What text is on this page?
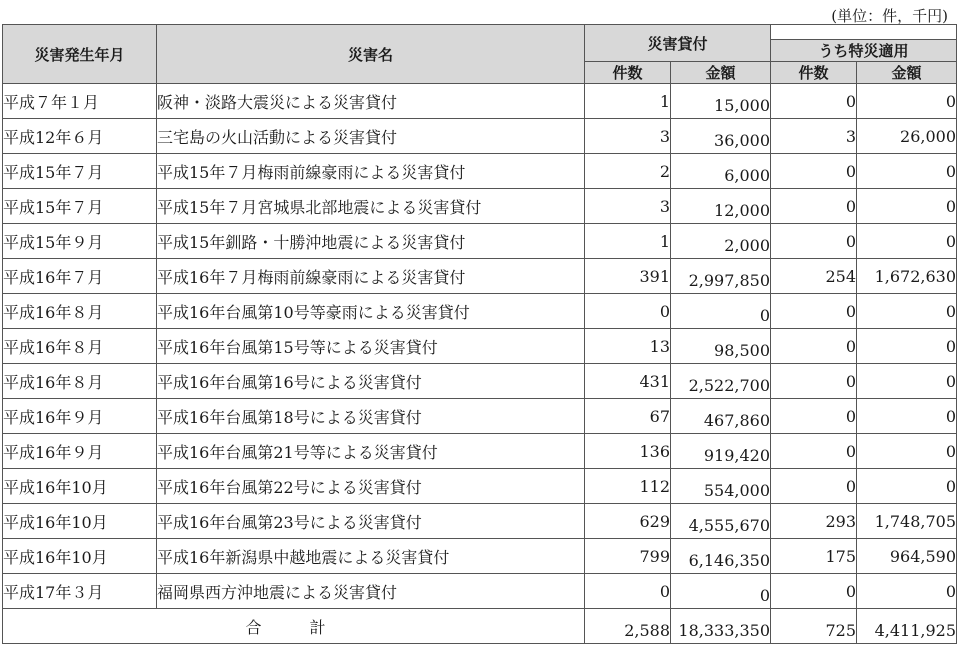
(単位：件，千円)
災害発生年月	災害名	災害貸付			
				うち特災適用	
		件数	金額	件数	金額
平成７年１月	阪神・淡路大震災による災害貸付	1	15,000	0	0
平成12年６月	三宅島の火山活動による災害貸付	3	36,000	3	26,000
平成15年７月	平成15年７月梅雨前線豪雨による災害貸付	2	6,000	0	0
平成15年７月	平成15年７月宮城県北部地震による災害貸付	3	12,000	0	0
平成15年９月	平成15年釧路・十勝沖地震による災害貸付	1	2,000	0	0
平成16年７月	平成16年７月梅雨前線豪雨による災害貸付	391	2,997,850	254	1,672,630
平成16年８月	平成16年台風第10号等豪雨による災害貸付	0	0	0	0
平成16年８月	平成16年台風第15号等による災害貸付	13	98,500	0	0
平成16年８月	平成16年台風第16号による災害貸付	431	2,522,700	0	0
平成16年９月	平成16年台風第18号による災害貸付	67	467,860	0	0
平成16年９月	平成16年台風第21号等による災害貸付	136	919,420	0	0
平成16年10月	平成16年台風第22号による災害貸付	112	554,000	0	0
平成16年10月	平成16年台風第23号による災害貸付	629	4,555,670	293	1,748,705
平成16年10月	平成16年新潟県中越地震による災害貸付	799	6,146,350	175	964,590
平成17年３月	福岡県西方沖地震による災害貸付	0	0	0	0
合　計		2,588	18,333,350	725	4,411,925
